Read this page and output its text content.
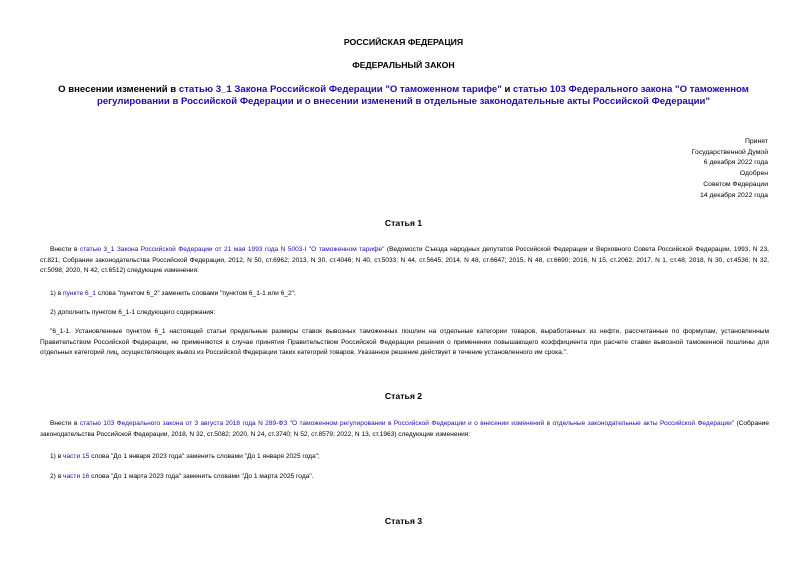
РОССИЙСКАЯ ФЕДЕРАЦИЯ
ФЕДЕРАЛЬНЫЙ ЗАКОН
О внесении изменений в статью 3_1 Закона Российской Федерации "О таможенном тарифе" и статью 103 Федерального закона "О таможенном регулировании в Российской Федерации и о внесении изменений в отдельные законодательные акты Российской Федерации"
Принят
Государственной Думой
6 декабря 2022 года
Одобрен
Советом Федерации
14 декабря 2022 года
Статья 1
Внести в статью 3_1 Закона Российской Федерации от 21 мая 1993 года N 5003-I "О таможенном тарифе" (Ведомости Съезда народных депутатов Российской Федерации и Верховного Совета Российской Федерации, 1993, N 23, ст.821; Собрание законодательства Российской Федерации, 2012, N 50, ст.6962; 2013, N 30, ст.4046; N 40, ст.5033; N 44, ст.5645; 2014, N 48, ст.6647; 2015, N 48, ст.6690; 2016, N 15, ст.2062; 2017, N 1, ст.48; 2018, N 30, ст.4536; N 32, ст.5098; 2020, N 42, ст.6512) следующие изменения:
1) в пункте 6_1 слова "пунктом 6_2" заменить словами "пунктом 6_1-1 или 6_2";
2) дополнить пунктом 6_1-1 следующего содержания:
"6_1-1. Установленные пунктом 6_1 настоящей статьи предельные размеры ставок вывозных таможенных пошлин на отдельные категории товаров, выработанных из нефти, рассчитанные по формулам, установленным Правительством Российской Федерации, не применяются в случае принятия Правительством Российской Федерации решения о применении повышающего коэффициента при расчете ставки вывозной таможенной пошлины для отдельных категорий лиц, осуществляющих вывоз из Российской Федерации таких категорий товаров. Указанное решение действует в течение установленного им срока.".
Статья 2
Внести в статью 103 Федерального закона от 3 августа 2018 года N 289-ФЗ "О таможенном регулировании в Российской Федерации и о внесении изменений в отдельные законодательные акты Российской Федерации" (Собрание законодательства Российской Федерации, 2018, N 32, ст.5082; 2020, N 24, ст.3740; N 52, ст.8579; 2022, N 13, ст.1963) следующие изменения:
1) в части 15 слова "До 1 января 2023 года" заменить словами "До 1 января 2025 года";
2) в части 16 слова "До 1 марта 2023 года" заменить словами "До 1 марта 2025 года".
Статья 3
